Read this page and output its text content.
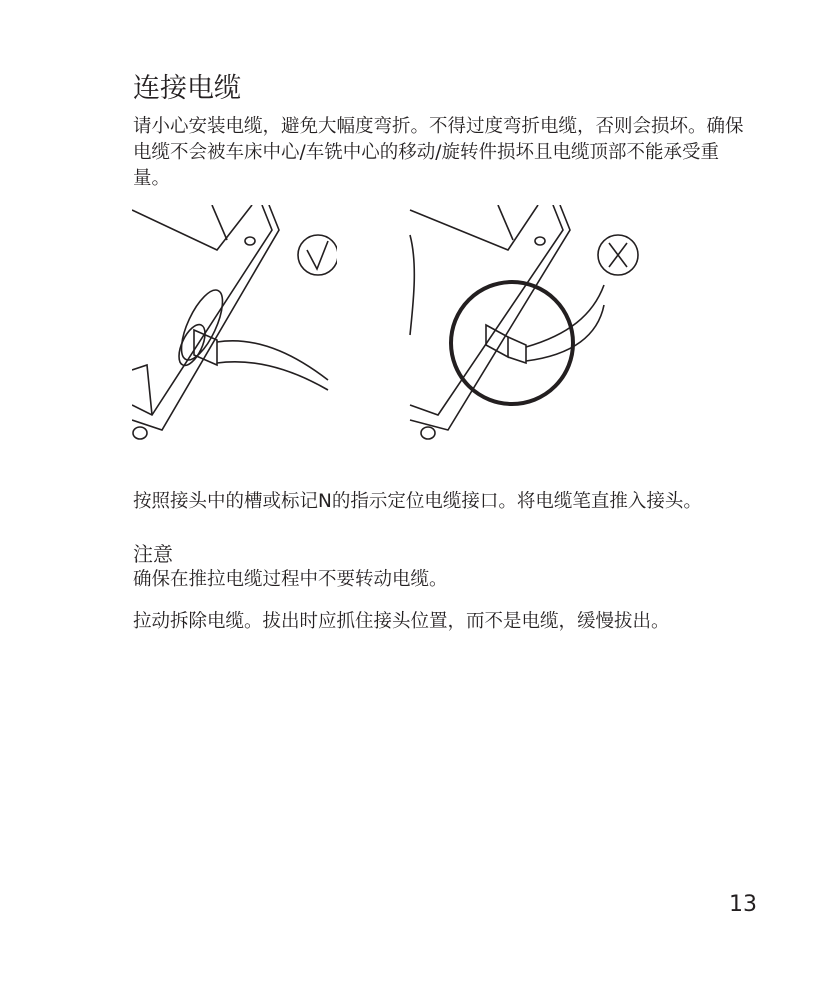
连接电缆
请小心安装电缆，避免大幅度弯折。不得过度弯折电缆，否则会损坏。确保电缆不会被车床中心/车铣中心的移动/旋转件损坏且电缆顶部不能承受重量。
按照接头中的槽或标记N的指示定位电缆接口。将电缆笔直推入接头。
注意
确保在推拉电缆过程中不要转动电缆。
拉动拆除电缆。拔出时应抓住接头位置，而不是电缆，缓慢拔出。
13
